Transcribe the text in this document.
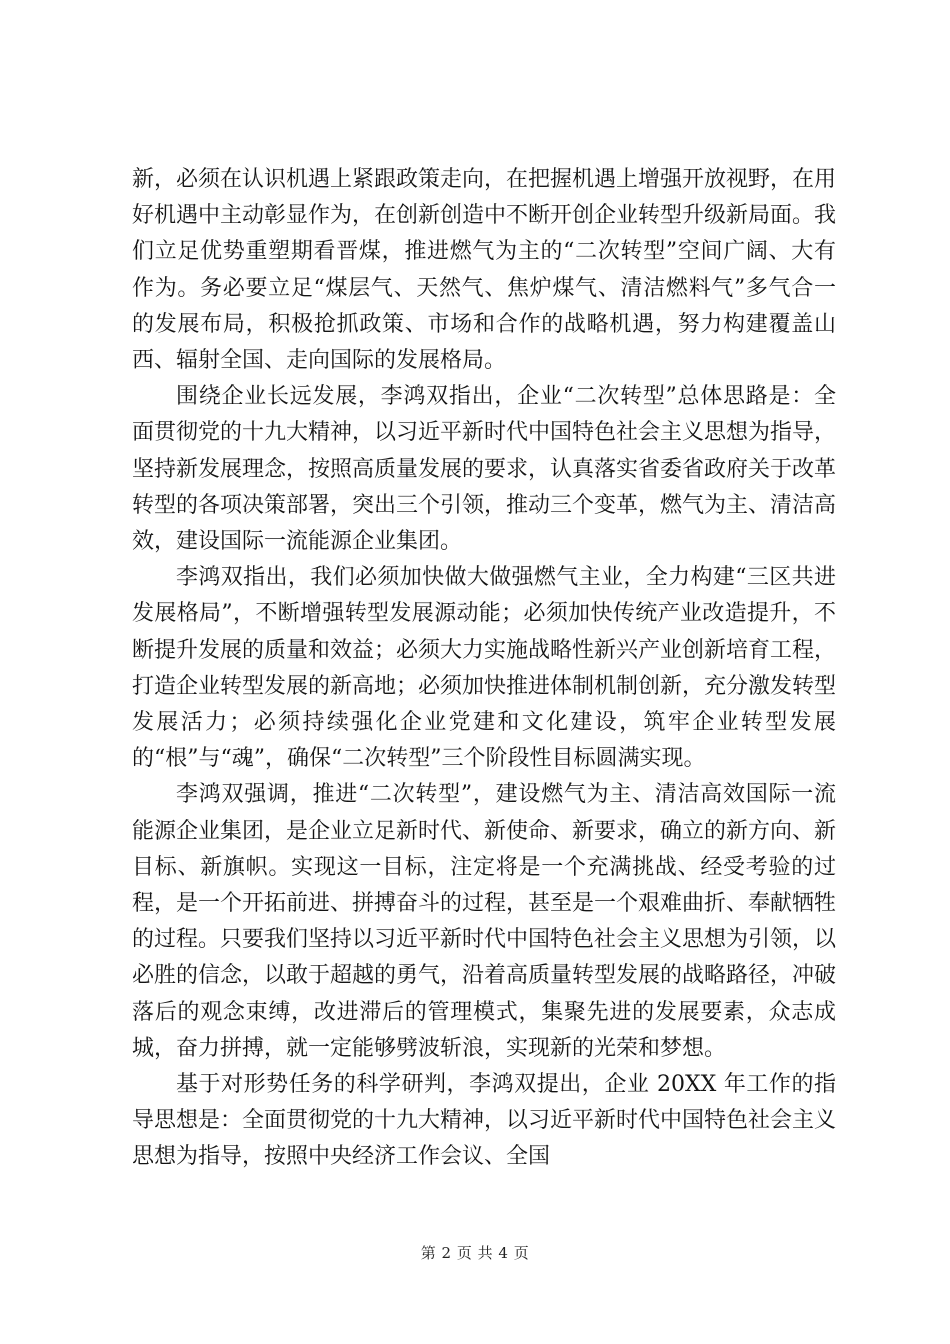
新，必须在认识机遇上紧跟政策走向，在把握机遇上增强开放视野，在用好机遇中主动彰显作为，在创新创造中不断开创企业转型升级新局面。我们立足优势重塑期看晋煤，推进燃气为主的“二次转型”空间广阔、大有作为。务必要立足“煤层气、天然气、焦炉煤气、清洁燃料气”多气合一的发展布局，积极抢抓政策、市场和合作的战略机遇，努力构建覆盖山西、辐射全国、走向国际的发展格局。

围绕企业长远发展，李鸿双指出，企业“二次转型”总体思路是：全面贯彻党的十九大精神，以习近平新时代中国特色社会主义思想为指导，坚持新发展理念，按照高质量发展的要求，认真落实省委省政府关于改革转型的各项决策部署，突出三个引领，推动三个变革，燃气为主、清洁高效，建设国际一流能源企业集团。

李鸿双指出，我们必须加快做大做强燃气主业，全力构建“三区共进发展格局”，不断增强转型发展源动能；必须加快传统产业改造提升，不断提升发展的质量和效益；必须大力实施战略性新兴产业创新培育工程，打造企业转型发展的新高地；必须加快推进体制机制创新，充分激发转型发展活力；必须持续强化企业党建和文化建设，筑牢企业转型发展的“根”与“魂”，确保“二次转型”三个阶段性目标圆满实现。

李鸿双强调，推进“二次转型”，建设燃气为主、清洁高效国际一流能源企业集团，是企业立足新时代、新使命、新要求，确立的新方向、新目标、新旗帜。实现这一目标，注定将是一个充满挑战、经受考验的过程，是一个开拓前进、拼搏奋斗的过程，甚至是一个艰难曲折、奉献牺牲的过程。只要我们坚持以习近平新时代中国特色社会主义思想为引领，以必胜的信念，以敢于超越的勇气，沿着高质量转型发展的战略路径，冲破落后的观念束缚，改进滞后的管理模式，集聚先进的发展要素，众志成城，奋力拼搏，就一定能够劈波斩浪，实现新的光荣和梦想。

基于对形势任务的科学研判，李鸿双提出，企业 20XX 年工作的指导思想是：全面贯彻党的十九大精神，以习近平新时代中国特色社会主义思想为指导，按照中央经济工作会议、全国

第 2 页 共 4 页
